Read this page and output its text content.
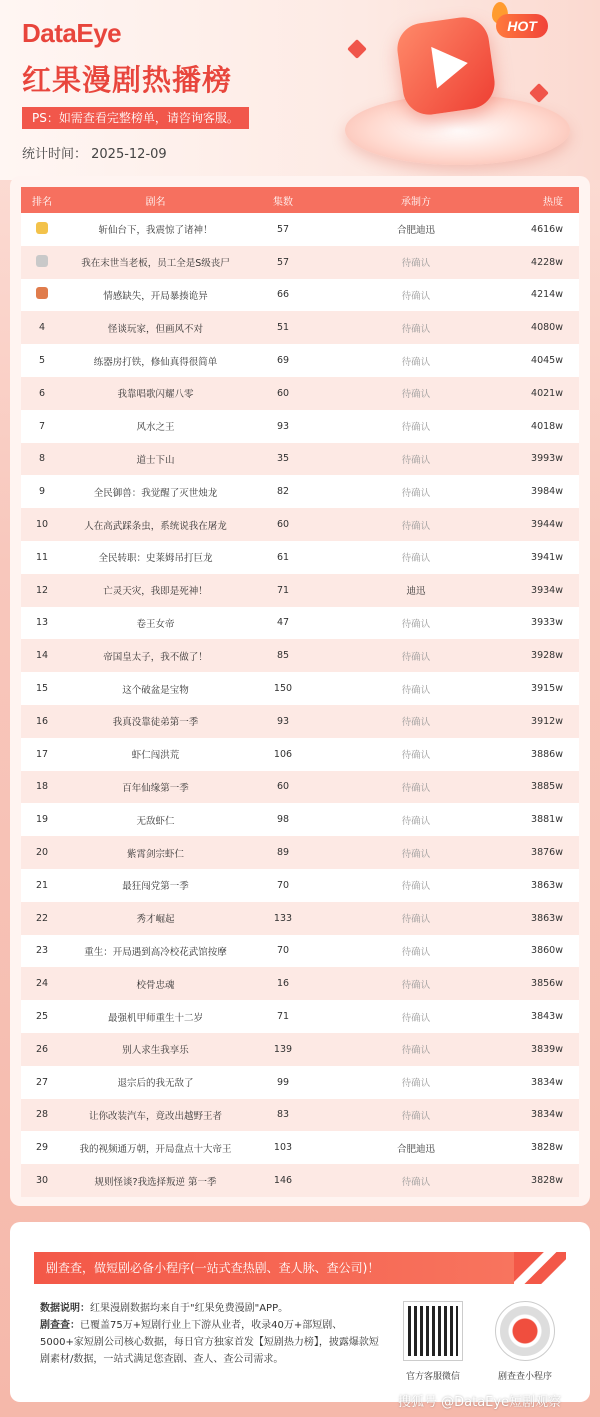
DataEye
红果漫剧热播榜
PS：如需查看完整榜单，请咨询客服。
统计时间： 2025-12-09
HOT
排名	剧名	集数	承制方	热度
	斩仙台下，我震惊了诸神！	57	合肥迪迅	4616w
	我在末世当老板，员工全是S级丧尸	57	待确认	4228w
	情感缺失，开局暴揍诡异	66	待确认	4214w
4	怪谈玩家，但画风不对	51	待确认	4080w
5	练器房打铁，修仙真得很简单	69	待确认	4045w
6	我靠唱歌闪耀八零	60	待确认	4021w
7	风水之王	93	待确认	4018w
8	道士下山	35	待确认	3993w
9	全民御兽：我觉醒了灭世烛龙	82	待确认	3984w
10	人在高武踩条虫，系统说我在屠龙	60	待确认	3944w
11	全民转职：史莱姆吊打巨龙	61	待确认	3941w
12	亡灵天灾，我即是死神！	71	迪迅	3934w
13	卷王女帝	47	待确认	3933w
14	帝国皇太子，我不做了！	85	待确认	3928w
15	这个破盆是宝物	150	待确认	3915w
16	我真没靠徒弟第一季	93	待确认	3912w
17	虾仁闯洪荒	106	待确认	3886w
18	百年仙缘第一季	60	待确认	3885w
19	无敌虾仁	98	待确认	3881w
20	紫霄剑宗虾仁	89	待确认	3876w
21	最狂闯党第一季	70	待确认	3863w
22	秀才崛起	133	待确认	3863w
23	重生：开局遇到高冷校花武馆按摩	70	待确认	3860w
24	校骨忠魂	16	待确认	3856w
25	最强机甲师重生十二岁	71	待确认	3843w
26	别人求生我享乐	139	待确认	3839w
27	退宗后的我无敌了	99	待确认	3834w
28	让你改装汽车，竟改出越野王者	83	待确认	3834w
29	我的视频通万朝，开局盘点十大帝王	103	合肥迪迅	3828w
30	规则怪谈?我选择叛逆 第一季	146	待确认	3828w
剧查查，做短剧必备小程序(一站式查热剧、查人脉、查公司)！

数据说明：红果漫剧数据均来自于"红果免费漫剧"APP。

剧查查：已覆盖75万+短剧行业上下游从业者，收录40万+部短剧、5000+家短剧公司核心数据，每日官方独家首发【短剧热力榜】，披露爆款短剧素材/数据，一站式满足您查剧、查人、查公司需求。

官方客服微信	剧查查小程序
搜狐号 @DataEye短剧观察
